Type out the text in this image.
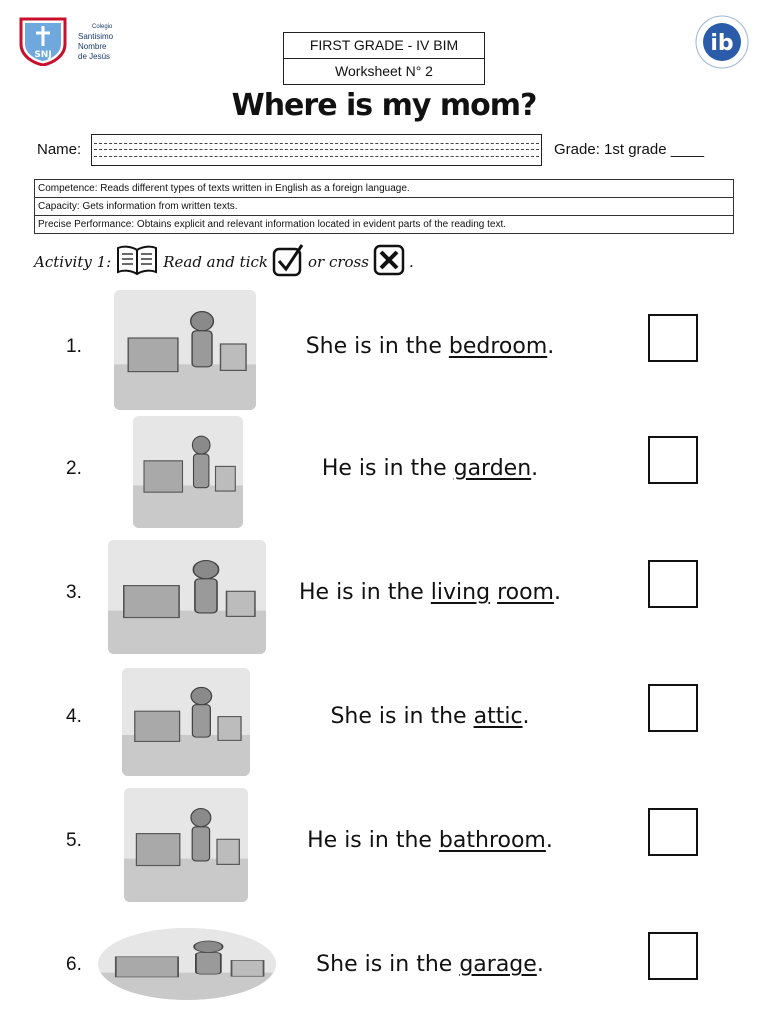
SNJ
Colegio
Santisimo
Nombre
de Jesús
ib
FIRST GRADE - IV BIM
Worksheet N° 2
Where is my mom?
Name:	Grade: 1st grade ____
Competence: Reads different types of texts written in English as a foreign language.
Capacity: Gets information from written texts.
Precise Performance: Obtains explicit and relevant information located in evident parts of the reading text.
Activity 1:	Read and tick	or cross	.
1.	She is in the bedroom.
2.	He is in the garden.
3.	He is in the living room.
4.	She is in the attic.
5.	He is in the bathroom.
6.	She is in the garage.
